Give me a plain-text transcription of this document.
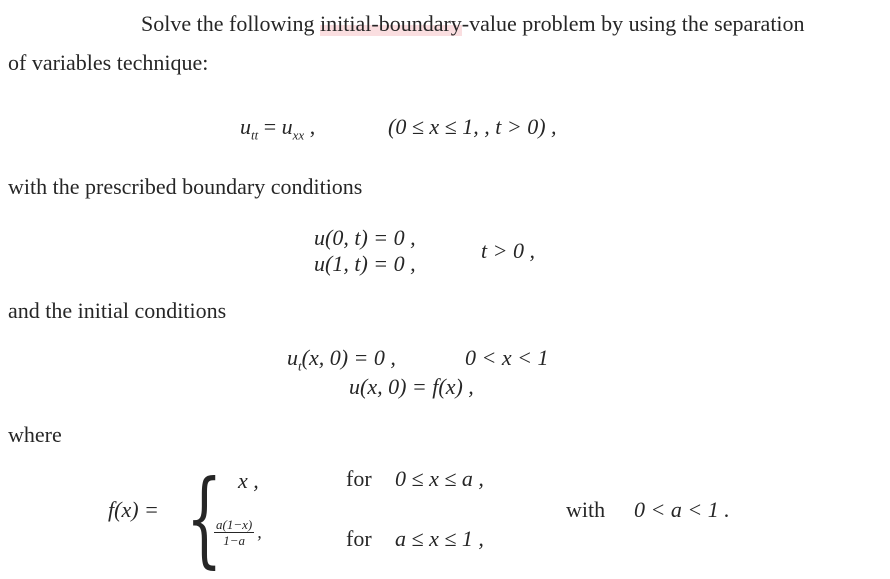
Solve the following initial-boundary-value problem by using the separation
of variables technique:
$u_{tt} = u_{xx}$ ,	(0 ≤ x ≤ 1, , t > 0) ,
with the prescribed boundary conditions
u(0, t) = 0 ,
u(1, t) = 0 ,
t > 0 ,
and the initial conditions
$u_t(x$, 0) = 0 ,	0 < x < 1
u(x, 0) = f(x) ,
where
f(x) = { x ,	for 0 ≤ x ≤ a ,
$\frac{a(1-x)}{1-a}$ ,	for a ≤ x ≤ 1 ,
with 0 < a < 1 .
